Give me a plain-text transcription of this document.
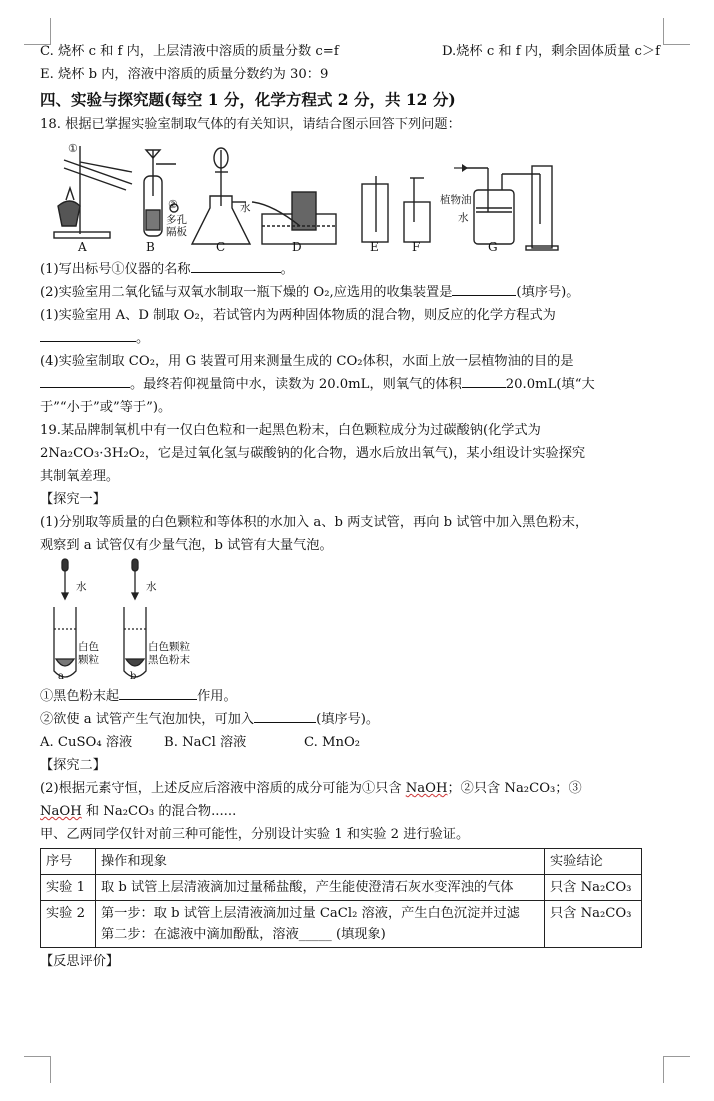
C. 烧杯 c 和 f 内，上层清液中溶质的质量分数 c=f	D.烧杯 c 和 f 内，剩余固体质量 c＞f
E. 烧杯 b 内，溶液中溶质的质量分数约为 30：9
四、实验与探究题(每空 1 分，化学方程式 2 分，共 12 分)
18. 根据已掌握实验室制取气体的有关知识，请结合图示回答下列问题：
A	B	C	D	E	F	G
①
②
多孔
隔板
水
植物油
水
(1)写出标号①仪器的名称	。
(2)实验室用二氧化锰与双氧水制取一瓶下燥的 O₂,应选用的收集装置是	(填序号)。
(1)实验室用 A、D 制取 O₂，若试管内为两种固体物质的混合物，则反应的化学方程式为
。
(4)实验室制取 CO₂，用 G 装置可用来测量生成的 CO₂体积，水面上放一层植物油的目的是
。最终若仰视量筒中水，读数为 20.0mL，则氧气的体积	20.0mL(填“大
于”“小于”或”等于”)。
19.某品牌制氧机中有一仅白色粒和一起黑色粉末，白色颗粒成分为过碳酸钠(化学式为
2Na₂CO₃·3H₂O₂，它是过氧化氢与碳酸钠的化合物，遇水后放出氧气)，某小组设计实验探究
其制氧差理。
【探究一】
(1)分别取等质量的白色颗粒和等体积的水加入 a、b 两支试管，再向 b 试管中加入黑色粉末，
观察到 a 试管仅有少量气泡，b 试管有大量气泡。
水	水
白色
颗粒
白色颗粒
黑色粉末
a	b
①黑色粉末起	作用。
②欲使 a 试管产生气泡加快，可加入	(填序号)。
A. CuSO₄ 溶液 B. NaCl 溶液	C. MnO₂
【探究二】
(2)根据元素守恒，上述反应后溶液中溶质的成分可能为①只含 NaOH；②只含 Na₂CO₃；③
NaOH 和 Na₂CO₃ 的混合物......
甲、乙两同学仅针对前三种可能性，分别设计实验 1 和实验 2 进行验证。
序号	操作和现象	实验结论
实验 1	取 b 试管上层清液滴加过量稀盐酸，产生能使澄清石灰水变浑浊的气体	只含 Na₂CO₃
实验 2	第一步：取 b 试管上层清液滴加过量 CaCl₂ 溶液，产生白色沉淀并过滤
第二步：在滤液中滴加酚酞，溶液_____ (填现象)	只含 Na₂CO₃
【反思评价】
